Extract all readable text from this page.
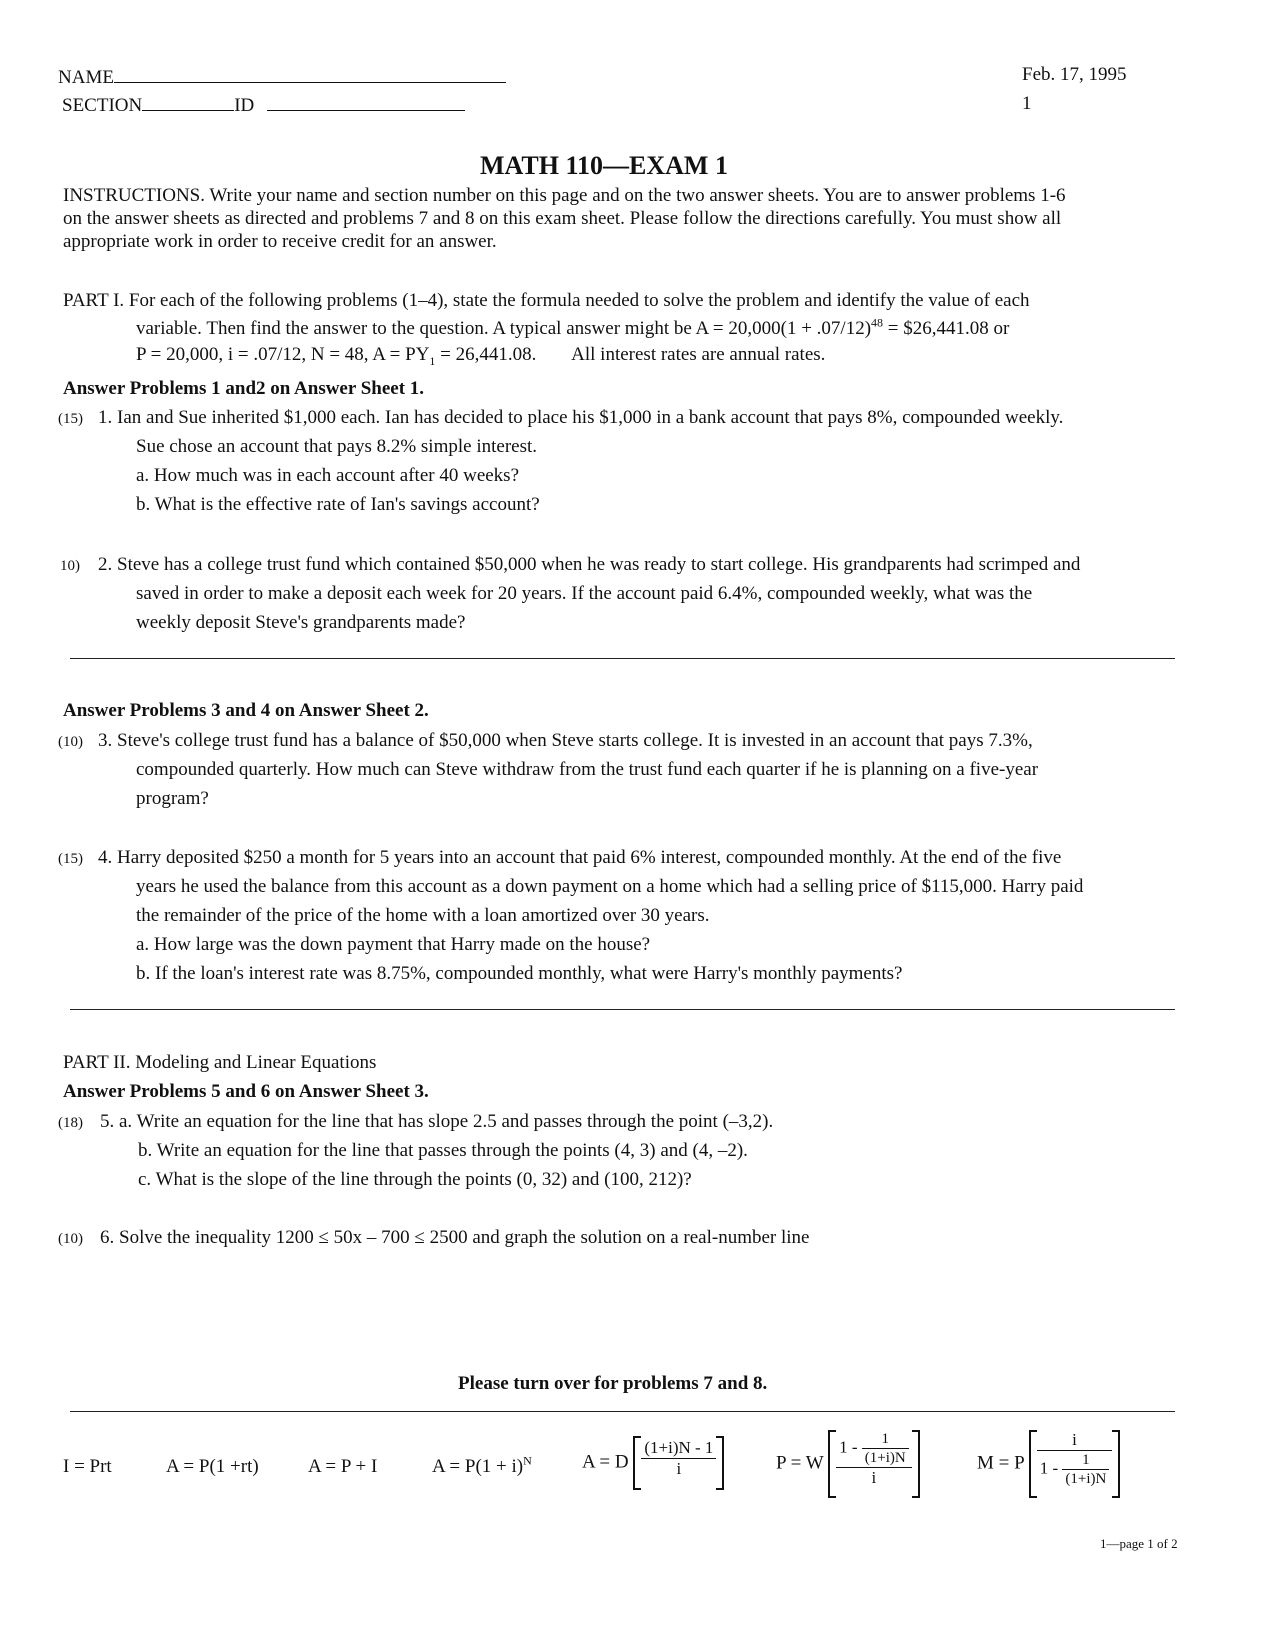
NAME
SECTION	ID
Feb. 17, 1995
1
MATH 110—EXAM 1
INSTRUCTIONS. Write your name and section number on this page and on the two answer sheets. You are to answer problems 1-6
on the answer sheets as directed and problems 7 and 8 on this exam sheet. Please follow the directions carefully. You must show all
appropriate work in order to receive credit for an answer.
PART I. For each of the following problems (1–4), state the formula needed to solve the problem and identify the value of each
variable. Then find the answer to the question. A typical answer might be $A = 20,000(1 + .07/12)^{48}$ = $26,441.08 or
P = 20,000, i = .07/12, N = 48, $A = PY_1 = 26,441.08$. All interest rates are annual rates.
Answer Problems 1 and2 on Answer Sheet 1.
(15) 1. Ian and Sue inherited $1,000 each. Ian has decided to place his $1,000 in a bank account that pays 8%, compounded weekly.
Sue chose an account that pays 8.2% simple interest.
a. How much was in each account after 40 weeks?
b. What is the effective rate of Ian's savings account?
10) 2. Steve has a college trust fund which contained $50,000 when he was ready to start college. His grandparents had scrimped and
saved in order to make a deposit each week for 20 years. If the account paid 6.4%, compounded weekly, what was the
weekly deposit Steve's grandparents made?
Answer Problems 3 and 4 on Answer Sheet 2.
(10) 3. Steve's college trust fund has a balance of $50,000 when Steve starts college. It is invested in an account that pays 7.3%,
compounded quarterly. How much can Steve withdraw from the trust fund each quarter if he is planning on a five-year
program?
(15) 4. Harry deposited $250 a month for 5 years into an account that paid 6% interest, compounded monthly. At the end of the five
years he used the balance from this account as a down payment on a home which had a selling price of $115,000. Harry paid
the remainder of the price of the home with a loan amortized over 30 years.
a. How large was the down payment that Harry made on the house?
b. If the loan's interest rate was 8.75%, compounded monthly, what were Harry's monthly payments?
PART II. Modeling and Linear Equations
Answer Problems 5 and 6 on Answer Sheet 3.
(18) 5. a. Write an equation for the line that has slope 2.5 and passes through the point (–3,2).
b. Write an equation for the line that passes through the points (4, 3) and (4, –2).
c. What is the slope of the line through the points (0, 32) and (100, 212)?
(10) 6. Solve the inequality 1200 ≤ 50x – 700 ≤ 2500 and graph the solution on a real-number line
Please turn over for problems 7 and 8.
I = Prt	A = P(1 +rt)	A = P + I	$A = P(1 + i)^N$	A = D $\frac{(1+i)N - 1}{i}$	P = W $\frac{1 - \frac{1}{(1+i)N}}{i}$	M = P $\frac{i}{1 - \frac{1}{(1+i)N}}$
1—page 1 of 2
